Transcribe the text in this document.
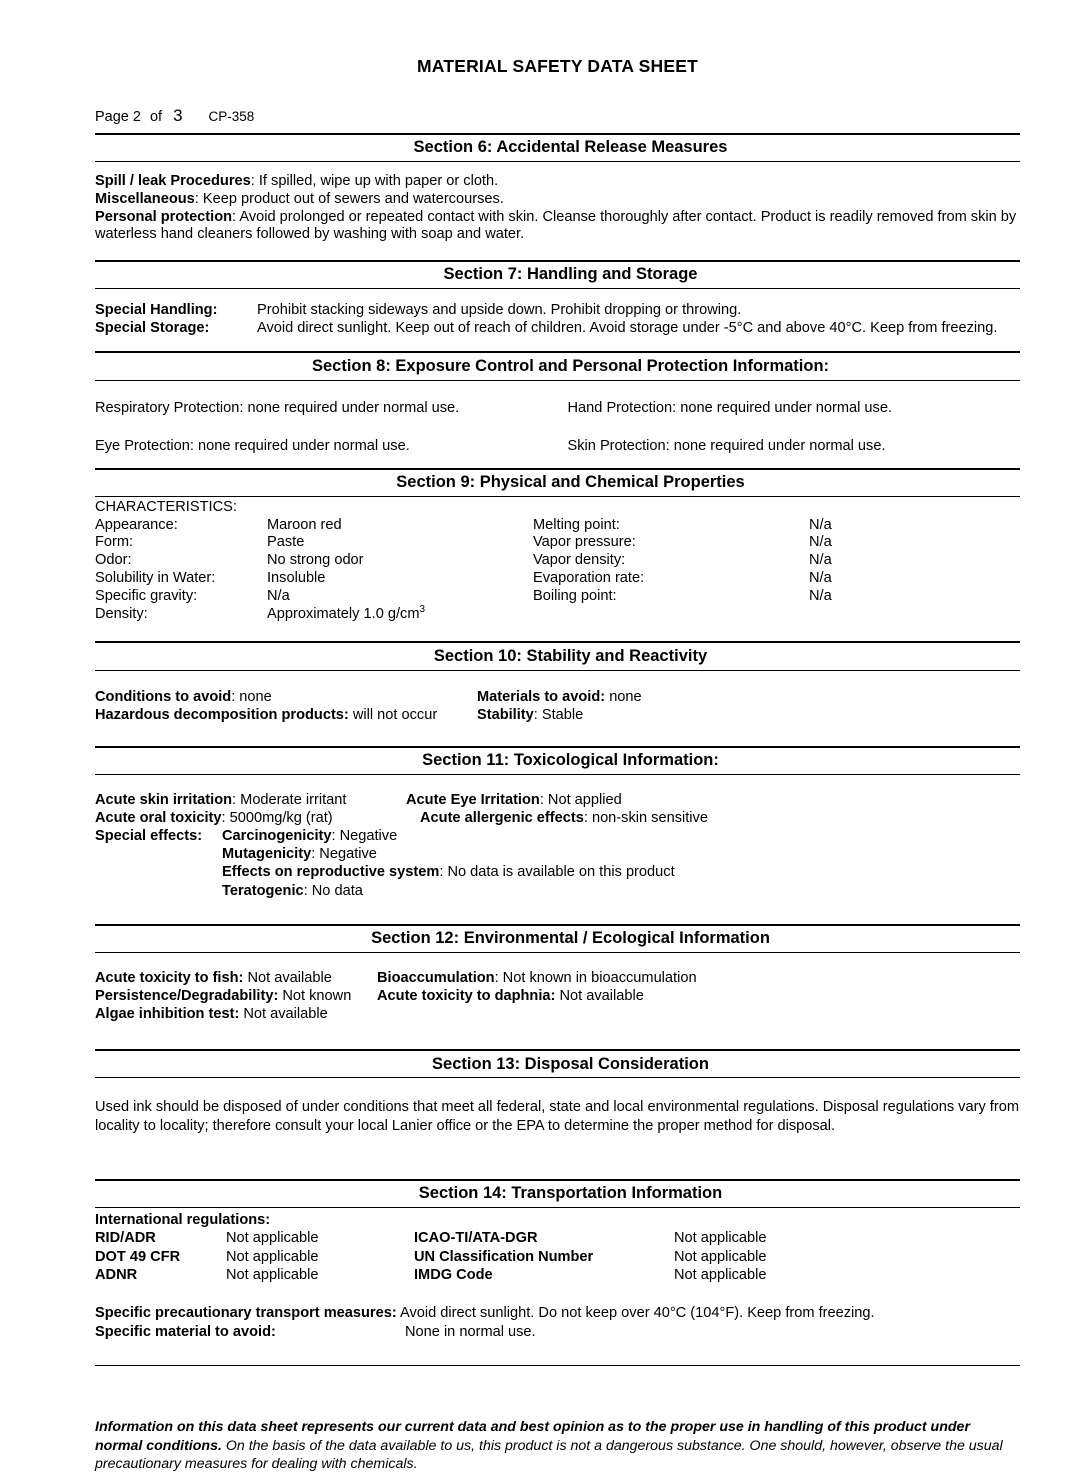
MATERIAL SAFETY DATA SHEET
Page 2 of 3 CP-358
Section 6: Accidental Release Measures

Spill / leak Procedures: If spilled, wipe up with paper or cloth.

Miscellaneous: Keep product out of sewers and watercourses.

Personal protection: Avoid prolonged or repeated contact with skin. Cleanse thoroughly after contact. Product is readily removed from skin by waterless hand cleaners followed by washing with soap and water.

Section 7: Handling and Storage
Special Handling:	Prohibit stacking sideways and upside down. Prohibit dropping or throwing.
Special Storage:	Avoid direct sunlight. Keep out of reach of children. Avoid storage under -5°C and above 40°C. Keep from freezing.
Section 8: Exposure Control and Personal Protection Information:
Respiratory Protection: none required under normal use.	Hand Protection: none required under normal use.
Eye Protection: none required under normal use.	Skin Protection: none required under normal use.
Section 9: Physical and Chemical Properties
CHARACTERISTICS:
Appearance:	Maroon red	Melting point:	N/a
Form:	Paste	Vapor pressure:	N/a
Odor:	No strong odor	Vapor density:	N/a
Solubility in Water:	Insoluble	Evaporation rate:	N/a
Specific gravity:	N/a	Boiling point:	N/a
Density:	Approximately 1.0 $g/cm^3$
Section 10: Stability and Reactivity
Conditions to avoid: none	Materials to avoid: none
Hazardous decomposition products: will not occur	Stability: Stable
Section 11: Toxicological Information:
Acute skin irritation: Moderate irritant	Acute Eye Irritation: Not applied
Acute oral toxicity: 5000mg/kg (rat)	Acute allergenic effects: non-skin sensitive
Special effects:	Carcinogenicity: Negative
Mutagenicity: Negative
Effects on reproductive system: No data is available on this product
Teratogenic: No data
Section 12: Environmental / Ecological Information
Acute toxicity to fish: Not available	Bioaccumulation: Not known in bioaccumulation
Persistence/Degradability: Not known	Acute toxicity to daphnia: Not available
Algae inhibition test: Not available
Section 13: Disposal Consideration
Used ink should be disposed of under conditions that meet all federal, state and local environmental regulations. Disposal regulations vary from locality to locality; therefore consult your local Lanier office or the EPA to determine the proper method for disposal.
Section 14: Transportation Information
International regulations:
RID/ADR	Not applicable	ICAO-TI/ATA-DGR	Not applicable
DOT 49 CFR	Not applicable	UN Classification Number	Not applicable
ADNR	Not applicable	IMDG Code	Not applicable
Specific precautionary transport measures: Avoid direct sunlight. Do not keep over 40°C (104°F). Keep from freezing.
Specific material to avoid:	None in normal use.
Information on this data sheet represents our current data and best opinion as to the proper use in handling of this product under normal conditions. On the basis of the data available to us, this product is not a dangerous substance. One should, however, observe the usual precautionary measures for dealing with chemicals.
